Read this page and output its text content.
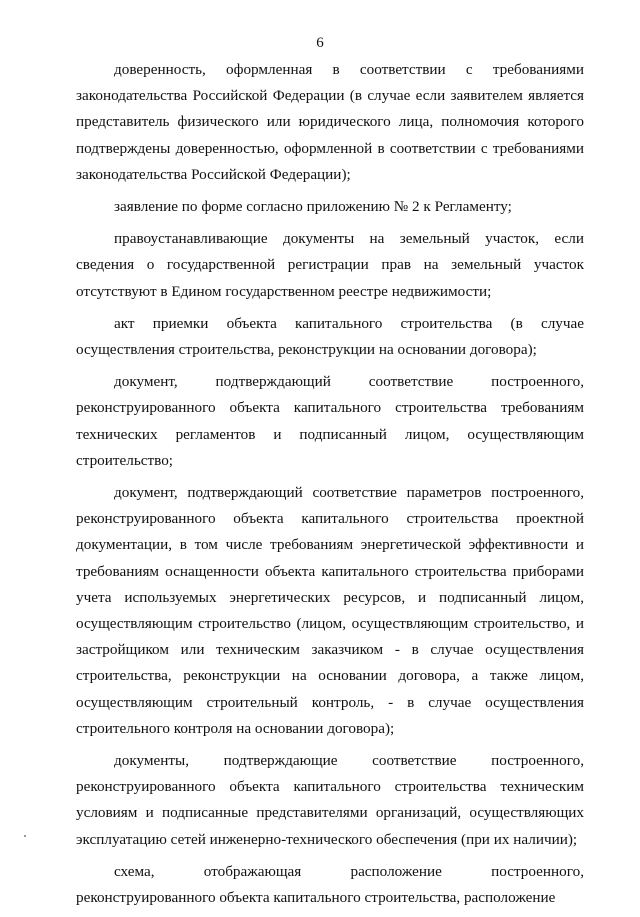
6

доверенность, оформленная в соответствии с требованиями законодательства Российской Федерации (в случае если заявителем является представитель физического или юридического лица, полномочия которого подтверждены доверенностью, оформленной в соответствии с требованиями законодательства Российской Федерации);

заявление по форме согласно приложению № 2 к Регламенту;

правоустанавливающие документы на земельный участок, если сведения о государственной регистрации прав на земельный участок отсутствуют в Едином государственном реестре недвижимости;

акт приемки объекта капитального строительства (в случае осуществления строительства, реконструкции на основании договора);

документ, подтверждающий соответствие построенного, реконструированного объекта капитального строительства требованиям технических регламентов и подписанный лицом, осуществляющим строительство;

документ, подтверждающий соответствие параметров построенного, реконструированного объекта капитального строительства проектной документации, в том числе требованиям энергетической эффективности и требованиям оснащенности объекта капитального строительства приборами учета используемых энергетических ресурсов, и подписанный лицом, осуществляющим строительство (лицом, осуществляющим строительство, и застройщиком или техническим заказчиком - в случае осуществления строительства, реконструкции на основании договора, а также лицом, осуществляющим строительный контроль, - в случае осуществления строительного контроля на основании договора);

документы, подтверждающие соответствие построенного, реконструированного объекта капитального строительства техническим условиям и подписанные представителями организаций, осуществляющих эксплуатацию сетей инженерно-технического обеспечения (при их наличии);

схема, отображающая расположение построенного, реконструированного объекта капитального строительства, расположение
